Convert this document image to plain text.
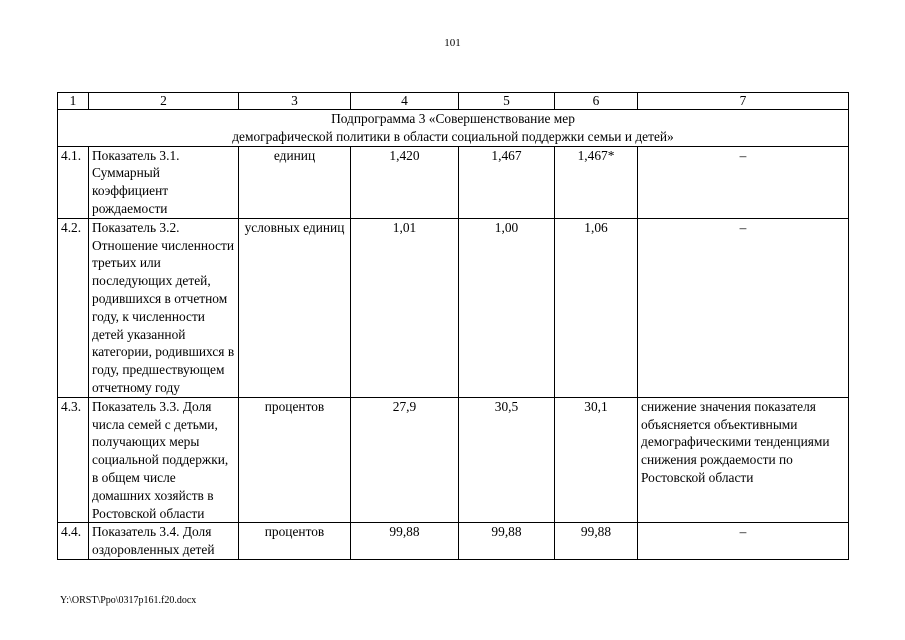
101
1	2	3	4	5	6	7

Подпрограмма 3 «Совершенствование мер
демографической политики в области социальной поддержки семьи и детей»						

4.1.	Показатель 3.1. Суммарный коэффициент рождаемости	единиц	1,420	1,467	1,467*	–
4.2.	Показатель 3.2. Отношение численности третьих или последующих детей, родившихся в отчетном году, к численности детей указанной категории, родившихся в году, предшествующем отчетному году	условных единиц	1,01	1,00	1,06	–
4.3.	Показатель 3.3. Доля числа семей с детьми, получающих меры социальной поддержки, в общем числе домашних хозяйств в Ростовской области	процентов	27,9	30,5	30,1	снижение значения показателя объясняется объективными демографическими тенденциями снижения рождаемости по Ростовской области
4.4.	Показатель 3.4. Доля оздоровленных детей	процентов	99,88	99,88	99,88	–
Y:\ORST\Ppo\0317p161.f20.docx
